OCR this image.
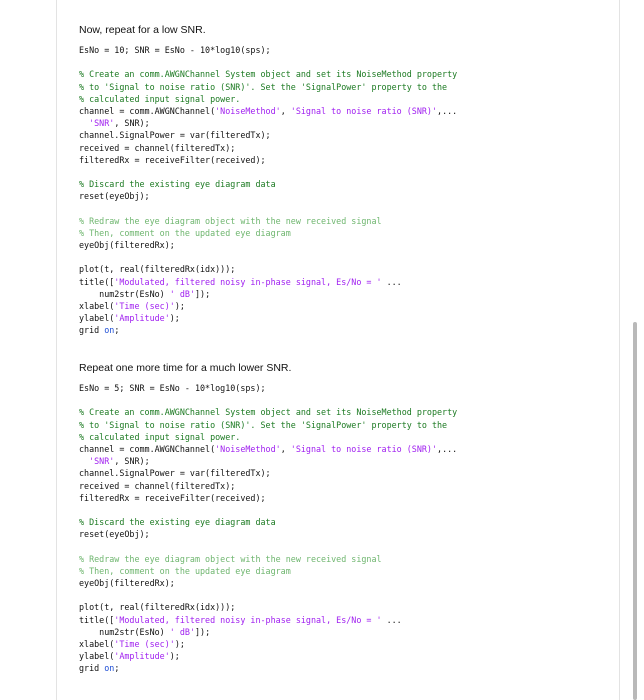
Now, repeat for a low SNR.
EsNo = 10; SNR = EsNo - 10*log10(sps);
% Create an comm.AWGNChannel System object and set its NoiseMethod property
% to 'Signal to noise ratio (SNR)'. Set the 'SignalPower' property to the
% calculated input signal power.
channel = comm.AWGNChannel('NoiseMethod', 'Signal to noise ratio (SNR)',...
'SNR', SNR);
channel.SignalPower = var(filteredTx);
received = channel(filteredTx);
filteredRx = receiveFilter(received);
% Discard the existing eye diagram data
reset(eyeObj);
% Redraw the eye diagram object with the new received signal
% Then, comment on the updated eye diagram
eyeObj(filteredRx);
plot(t, real(filteredRx(idx)));
title(['Modulated, filtered noisy in-phase signal, Es/No = ' ...
num2str(EsNo) ' dB']);
xlabel('Time (sec)');
ylabel('Amplitude');
grid on;
Repeat one more time for a much lower SNR.
EsNo = 5; SNR = EsNo - 10*log10(sps);
% Create an comm.AWGNChannel System object and set its NoiseMethod property
% to 'Signal to noise ratio (SNR)'. Set the 'SignalPower' property to the
% calculated input signal power.
channel = comm.AWGNChannel('NoiseMethod', 'Signal to noise ratio (SNR)',...
'SNR', SNR);
channel.SignalPower = var(filteredTx);
received = channel(filteredTx);
filteredRx = receiveFilter(received);
% Discard the existing eye diagram data
reset(eyeObj);
% Redraw the eye diagram object with the new received signal
% Then, comment on the updated eye diagram
eyeObj(filteredRx);
plot(t, real(filteredRx(idx)));
title(['Modulated, filtered noisy in-phase signal, Es/No = ' ...
num2str(EsNo) ' dB']);
xlabel('Time (sec)');
ylabel('Amplitude');
grid on;
